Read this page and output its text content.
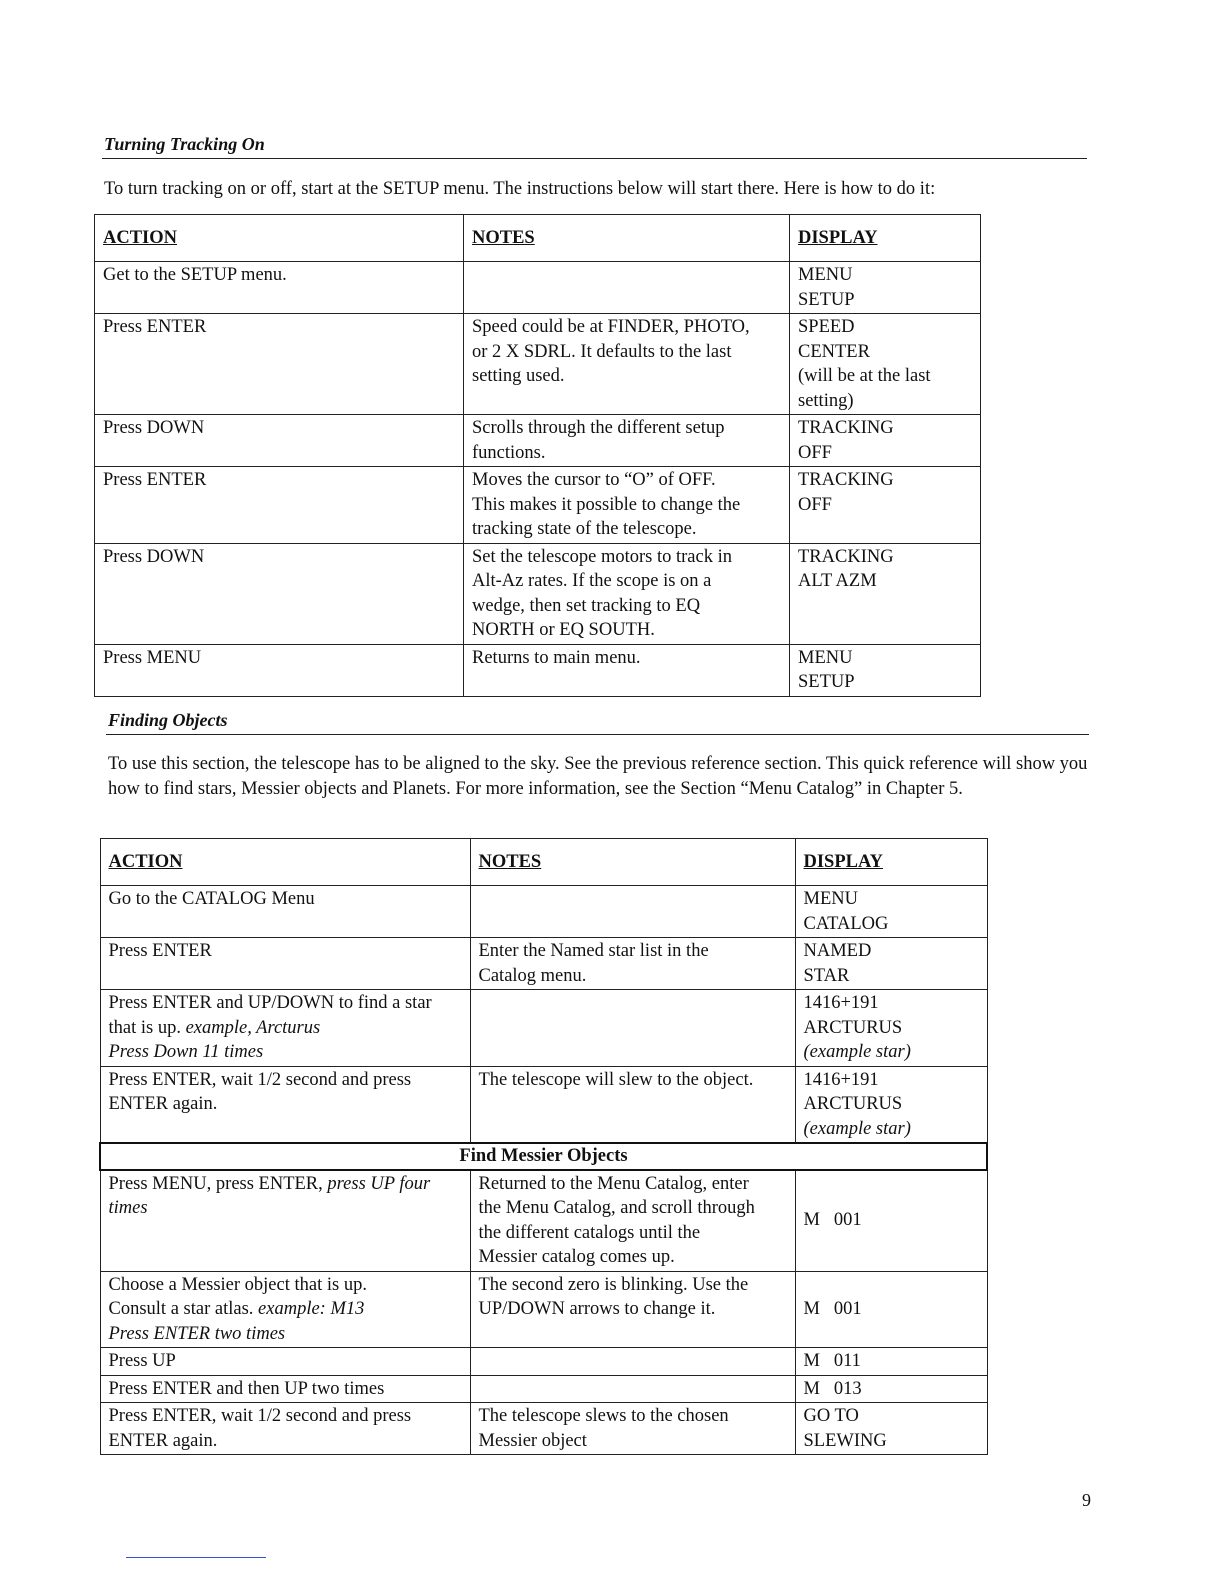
Turning Tracking On
To turn tracking on or off, start at the SETUP menu. The instructions below will start there. Here is how to do it:
ACTION	NOTES	DISPLAY

Get to the SETUP menu.		MENU
SETUP

Press ENTER	Speed could be at FINDER, PHOTO,
or 2 X SDRL. It defaults to the last
setting used.	SPEED
CENTER
(will be at the last
setting)

Press DOWN	Scrolls through the different setup
functions.	TRACKING
OFF

Press ENTER	Moves the cursor to “O” of OFF.
This makes it possible to change the
tracking state of the telescope.	TRACKING
OFF

Press DOWN	Set the telescope motors to track in
Alt-Az rates. If the scope is on a
wedge, then set tracking to EQ
NORTH or EQ SOUTH.	TRACKING
ALT AZM

Press MENU	Returns to main menu.	MENU
SETUP
Finding Objects
To use this section, the telescope has to be aligned to the sky. See the previous reference section. This quick reference will show you how to find stars, Messier objects and Planets. For more information, see the Section “Menu Catalog” in Chapter 5.
ACTION	NOTES	DISPLAY

Go to the CATALOG Menu		MENU
CATALOG

Press ENTER	Enter the Named star list in the
Catalog menu.	NAMED
STAR

Press ENTER and UP/DOWN to find a star
that is up. example, Arcturus
Press Down 11 times		1416+191
ARCTURUS
(example star)

Press ENTER, wait 1/2 second and press
ENTER again.	The telescope will slew to the object.	1416+191
ARCTURUS
(example star)

Find Messier Objects		

Press MENU, press ENTER, press UP four
times	Returned to the Menu Catalog, enter
the Menu Catalog, and scroll through
the different catalogs until the
Messier catalog comes up.	M   001

Choose a Messier object that is up.
Consult a star atlas. example: M13
Press ENTER two times	The second zero is blinking. Use the
UP/DOWN arrows to change it.	M   001

Press UP		M   011

Press ENTER and then UP two times		M   013

Press ENTER, wait 1/2 second and press
ENTER again.	The telescope slews to the chosen
Messier object	GO TO
SLEWING
9
